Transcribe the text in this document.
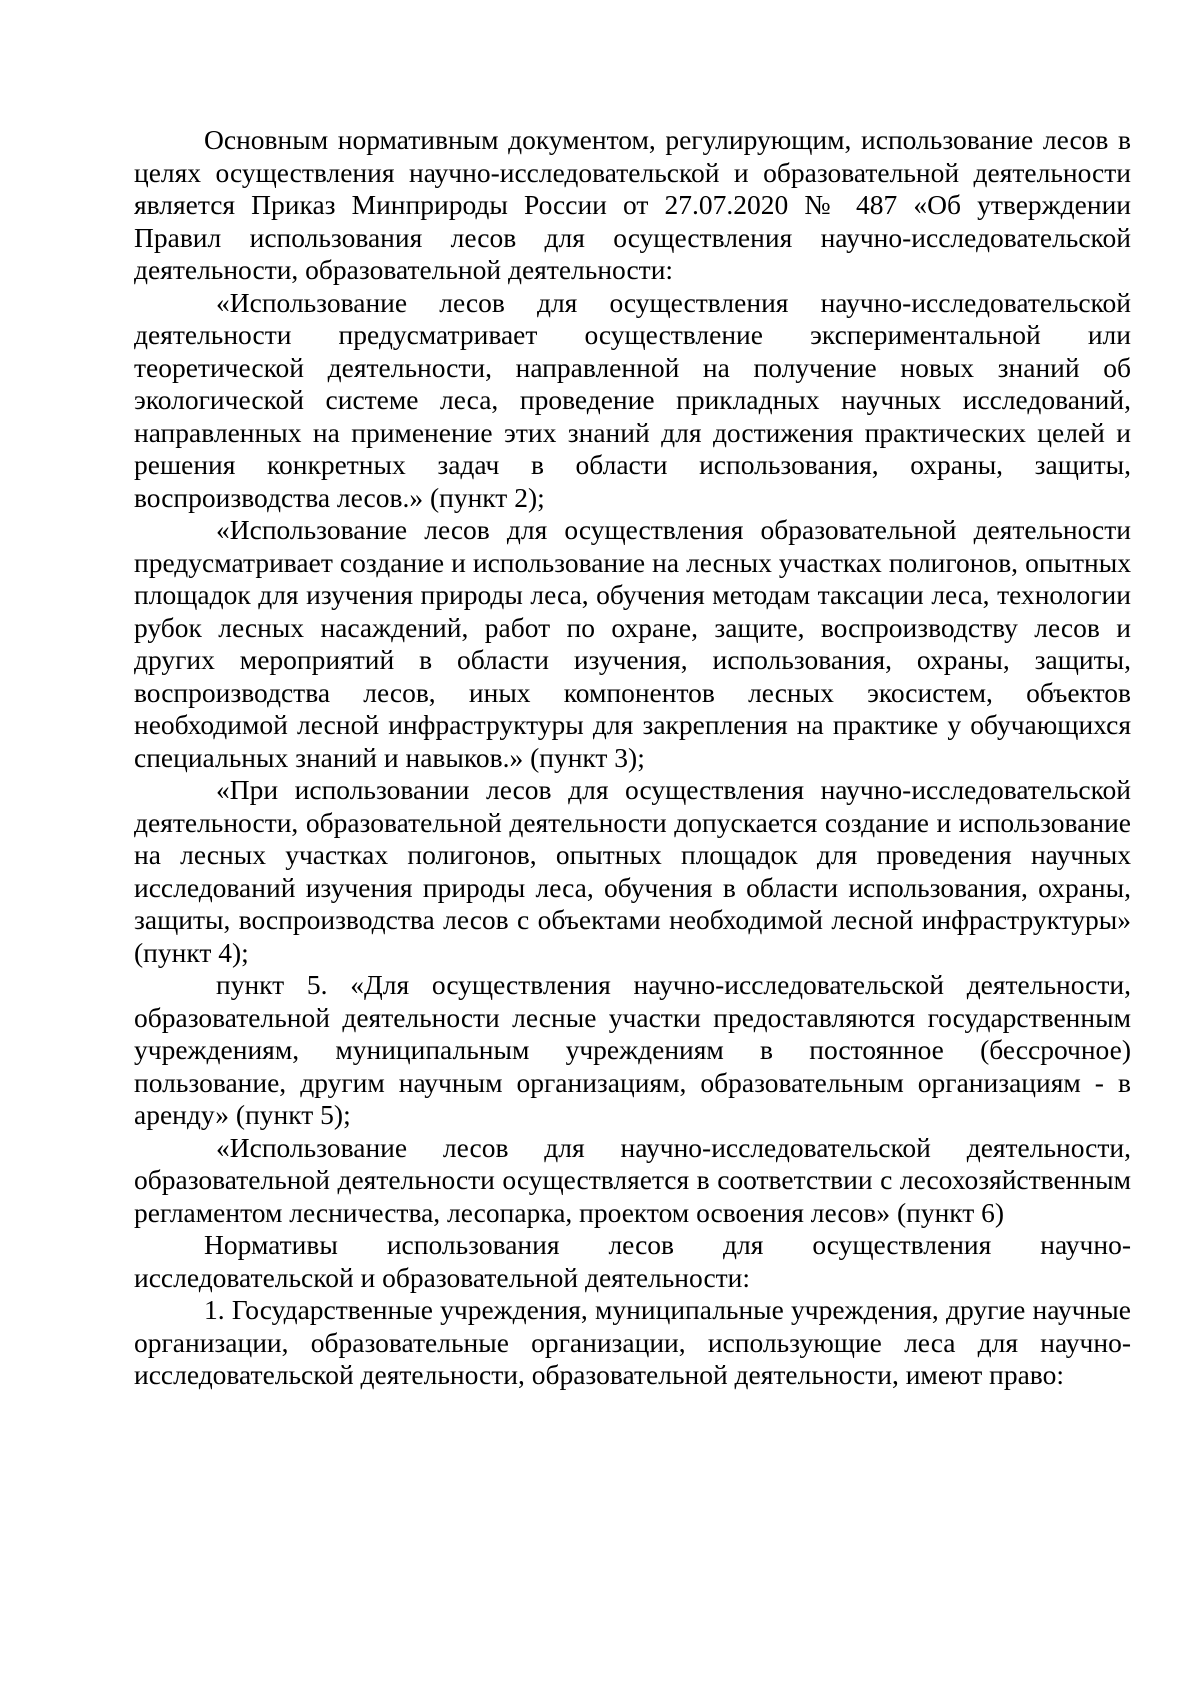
Основным нормативным документом, регулирующим, использование лесов в целях осуществления научно-исследовательской и образовательной деятельности является Приказ Минприроды России от 27.07.2020 № 487 «Об утверждении Правил использования лесов для осуществления научно-исследовательской деятельности, образовательной деятельности:

«Использование лесов для осуществления научно-исследовательской деятельности предусматривает осуществление экспериментальной или теоретической деятельности, направленной на получение новых знаний об экологической системе леса, проведение прикладных научных исследований, направленных на применение этих знаний для достижения практических целей и решения конкретных задач в области использования, охраны, защиты, воспроизводства лесов.» (пункт 2);

«Использование лесов для осуществления образовательной деятельности предусматривает создание и использование на лесных участках полигонов, опытных площадок для изучения природы леса, обучения методам таксации леса, технологии рубок лесных насаждений, работ по охране, защите, воспроизводству лесов и других мероприятий в области изучения, использования, охраны, защиты, воспроизводства лесов, иных компонентов лесных экосистем, объектов необходимой лесной инфраструктуры для закрепления на практике у обучающихся специальных знаний и навыков.» (пункт 3);

«При использовании лесов для осуществления научно-исследовательской деятельности, образовательной деятельности допускается создание и использование на лесных участках полигонов, опытных площадок для проведения научных исследований изучения природы леса, обучения в области использования, охраны, защиты, воспроизводства лесов с объектами необходимой лесной инфраструктуры» (пункт 4);

пункт 5. «Для осуществления научно-исследовательской деятельности, образовательной деятельности лесные участки предоставляются государственным учреждениям, муниципальным учреждениям в постоянное (бессрочное) пользование, другим научным организациям, образовательным организациям - в аренду» (пункт 5);

«Использование лесов для научно-исследовательской деятельности, образовательной деятельности осуществляется в соответствии с лесохозяйственным регламентом лесничества, лесопарка, проектом освоения лесов» (пункт 6)

Нормативы использования лесов для осуществления научно-исследовательской и образовательной деятельности:

1. Государственные учреждения, муниципальные учреждения, другие научные организации, образовательные организации, использующие леса для научно-исследовательской деятельности, образовательной деятельности, имеют право:
